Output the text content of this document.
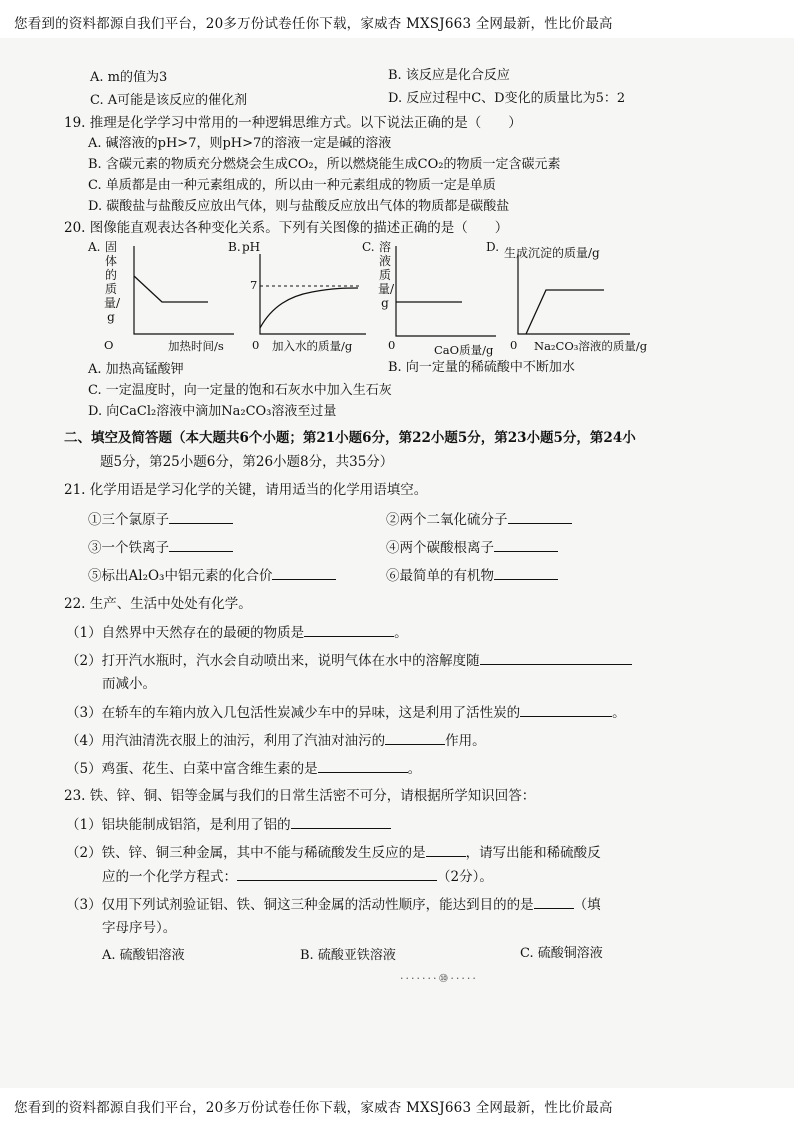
您看到的资料都源自我们平台，20多万份试卷任你下载，家威杏 MXSJ663 全网最新，性比价最高
A. m的值为3	B. 该反应是化合反应
C. A可能是该反应的催化剂	D. 反应过程中C、D变化的质量比为5：2
19. 推理是化学学习中常用的一种逻辑思维方式。以下说法正确的是（　　）
A. 碱溶液的pH>7，则pH>7的溶液一定是碱的溶液
B. 含碳元素的物质充分燃烧会生成CO₂，所以燃烧能生成CO₂的物质一定含碳元素
C. 单质都是由一种元素组成的，所以由一种元素组成的物质一定是单质
D. 碳酸盐与盐酸反应放出气体，则与盐酸反应放出气体的物质都是碳酸盐
20. 图像能直观表达各种变化关系。下列有关图像的描述正确的是（　　）
A. 固体的质量/g
O	加热时间/s
B. pH
7
0 加入水的质量/g
C. 溶液质量/g
0	CaO质量/g
D. 生成沉淀的质量/g
0 Na₂CO₃溶液的质量/g
A. 加热高锰酸钾	B. 向一定量的稀硫酸中不断加水
C. 一定温度时，向一定量的饱和石灰水中加入生石灰
D. 向CaCl₂溶液中滴加Na₂CO₃溶液至过量
二、填空及简答题（本大题共6个小题；第21小题6分，第22小题5分，第23小题5分，第24小
题5分，第25小题6分，第26小题8分，共35分）
21. 化学用语是学习化学的关键，请用适当的化学用语填空。
①三个氯原子	②两个二氧化硫分子
③一个铁离子	④两个碳酸根离子
⑤标出Al₂O₃中铝元素的化合价	⑥最简单的有机物
22. 生产、生活中处处有化学。
（1）自然界中天然存在的最硬的物质是	。
（2）打开汽水瓶时，汽水会自动喷出来，说明气体在水中的溶解度随
而减小。
（3）在轿车的车箱内放入几包活性炭减少车中的异味，这是利用了活性炭的	。
（4）用汽油清洗衣服上的油污，利用了汽油对油污的	作用。
（5）鸡蛋、花生、白菜中富含维生素的是	。
23. 铁、锌、铜、铝等金属与我们的日常生活密不可分，请根据所学知识回答：
（1）铝块能制成铝箔，是利用了铝的
（2）铁、锌、铜三种金属，其中不能与稀硫酸发生反应的是	，请写出能和稀硫酸反
应的一个化学方程式：	（2分）。
（3）仅用下列试剂验证铝、铁、铜这三种金属的活动性顺序，能达到目的的是	（填
字母序号）。
A. 硫酸铝溶液	B. 硫酸亚铁溶液	C. 硫酸铜溶液
·······⑩·····
您看到的资料都源自我们平台，20多万份试卷任你下载，家威杏 MXSJ663 全网最新，性比价最高
